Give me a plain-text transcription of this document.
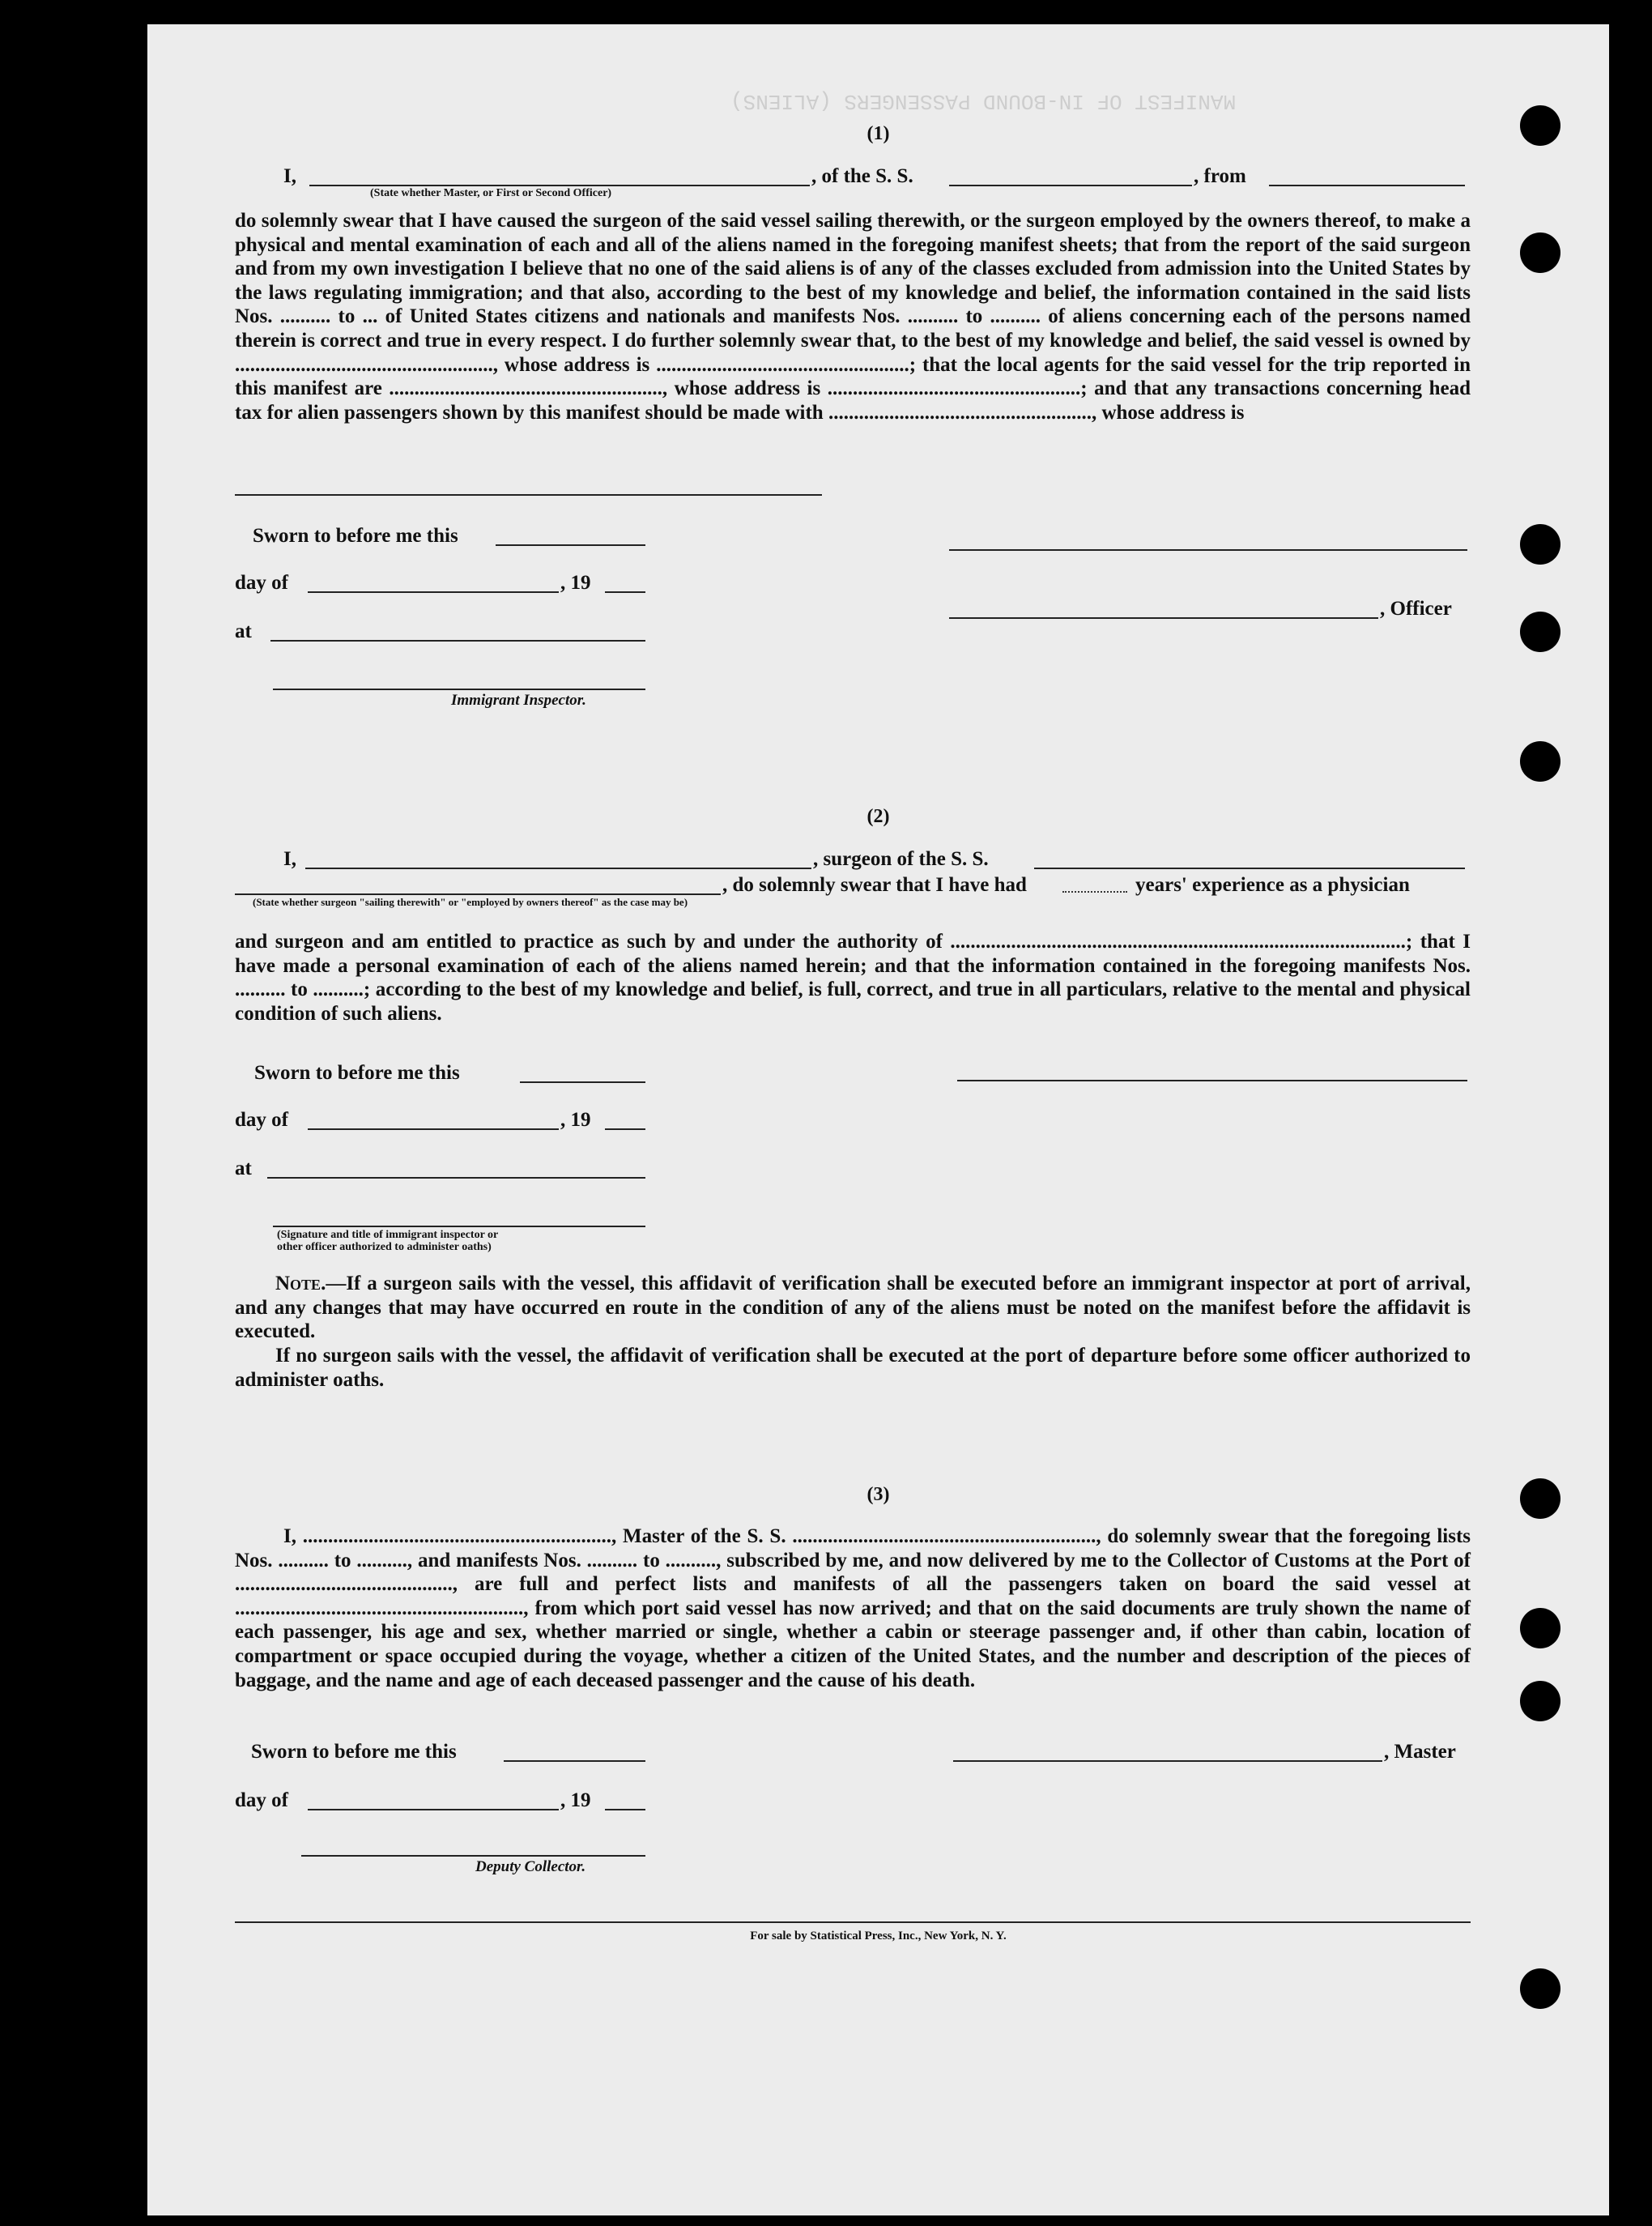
MANIFEST OF IN-BOUND PASSENGERS (ALIENS)
(1)
I,
(State whether Master, or First or Second Officer)
, of the S. S.	, from
do solemnly swear that I have caused the surgeon of the said vessel sailing therewith, or the surgeon employed by the owners thereof, to make a physical and mental examination of each and all of the aliens named in the foregoing manifest sheets; that from the report of the said surgeon and from my own investigation I believe that no one of the said aliens is of any of the classes excluded from admission into the United States by the laws regulating immigration; and that also, according to the best of my knowledge and belief, the information contained in the said lists Nos. .......... to ... of United States citizens and nationals and manifests Nos. .......... to .......... of aliens concerning each of the persons named therein is correct and true in every respect. I do further solemnly swear that, to the best of my knowledge and belief, the said vessel is owned by ..................................................., whose address is ..................................................; that the local agents for the said vessel for the trip reported in this manifest are ......................................................, whose address is ..................................................; and that any transactions concerning head tax for alien passengers shown by this manifest should be made with ...................................................., whose address is
Sworn to before me this
day of	, 19
, Officer
at
Immigrant Inspector.
(2)
I,	, surgeon of the S. S.
, do solemnly swear that I have had	years' experience as a physician
(State whether surgeon "sailing therewith" or "employed by owners thereof" as the case may be)
and surgeon and am entitled to practice as such by and under the authority of ..........................................................................................; that I have made a personal examination of each of the aliens named herein; and that the information contained in the foregoing manifests Nos. .......... to ..........; according to the best of my knowledge and belief, is full, correct, and true in all particulars, relative to the mental and physical condition of such aliens.
Sworn to before me this
day of	, 19
at
(Signature and title of immigrant inspector or
other officer authorized to administer oaths)
Note.—If a surgeon sails with the vessel, this affidavit of verification shall be executed before an immigrant inspector at port of arrival, and any changes that may have occurred en route in the condition of any of the aliens must be noted on the manifest before the affidavit is executed.
If no surgeon sails with the vessel, the affidavit of verification shall be executed at the port of departure before some officer authorized to administer oaths.
(3)
I, ............................................................., Master of the S. S. ............................................................, do solemnly swear that the foregoing lists Nos. .......... to .........., and manifests Nos. .......... to .........., subscribed by me, and now delivered by me to the Collector of Customs at the Port of ..........................................., are full and perfect lists and manifests of all the passengers taken on board the said vessel at ........................................................., from which port said vessel has now arrived; and that on the said documents are truly shown the name of each passenger, his age and sex, whether married or single, whether a cabin or steerage passenger and, if other than cabin, location of compartment or space occupied during the voyage, whether a citizen of the United States, and the number and description of the pieces of baggage, and the name and age of each deceased passenger and the cause of his death.
Sworn to before me this	, Master
day of	, 19
Deputy Collector.
For sale by Statistical Press, Inc., New York, N. Y.
